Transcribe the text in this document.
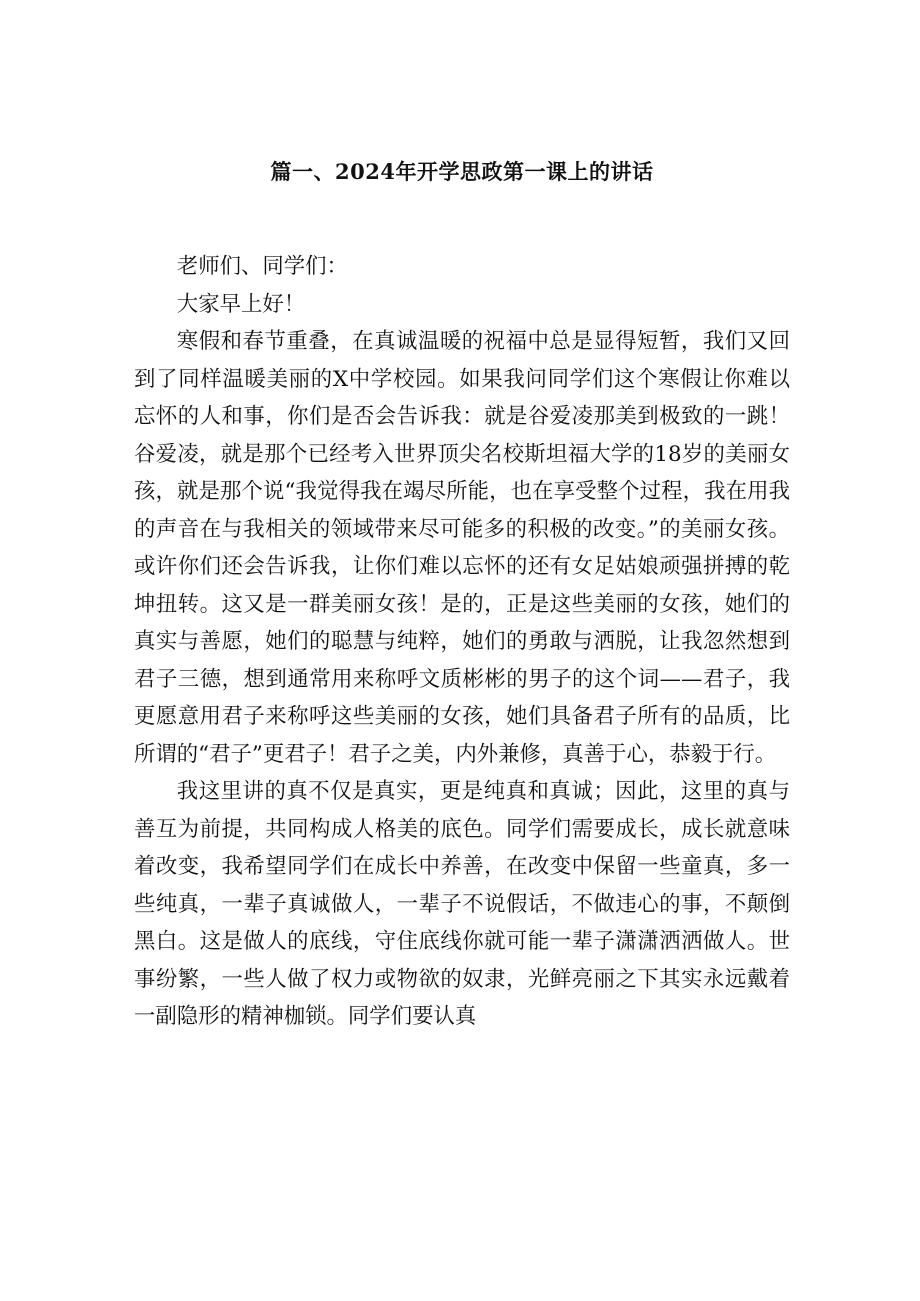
篇一、2024年开学思政第一课上的讲话

老师们、同学们：

大家早上好！

寒假和春节重叠，在真诚温暖的祝福中总是显得短暂，我们又回到了同样温暖美丽的X中学校园。如果我问同学们这个寒假让你难以忘怀的人和事，你们是否会告诉我：就是谷爱凌那美到极致的一跳！谷爱凌，就是那个已经考入世界顶尖名校斯坦福大学的18岁的美丽女孩，就是那个说“我觉得我在竭尽所能，也在享受整个过程，我在用我的声音在与我相关的领域带来尽可能多的积极的改变。”的美丽女孩。或许你们还会告诉我，让你们难以忘怀的还有女足姑娘顽强拼搏的乾坤扭转。这又是一群美丽女孩！是的，正是这些美丽的女孩，她们的真实与善愿，她们的聪慧与纯粹，她们的勇敢与洒脱，让我忽然想到君子三德，想到通常用来称呼文质彬彬的男子的这个词——君子，我更愿意用君子来称呼这些美丽的女孩，她们具备君子所有的品质，比所谓的“君子”更君子！君子之美，内外兼修，真善于心，恭毅于行。

我这里讲的真不仅是真实，更是纯真和真诚；因此，这里的真与善互为前提，共同构成人格美的底色。同学们需要成长，成长就意味着改变，我希望同学们在成长中养善，在改变中保留一些童真，多一些纯真，一辈子真诚做人，一辈子不说假话，不做违心的事，不颠倒黑白。这是做人的底线，守住底线你就可能一辈子潇潇洒洒做人。世事纷繁，一些人做了权力或物欲的奴隶，光鲜亮丽之下其实永远戴着一副隐形的精神枷锁。同学们要认真
